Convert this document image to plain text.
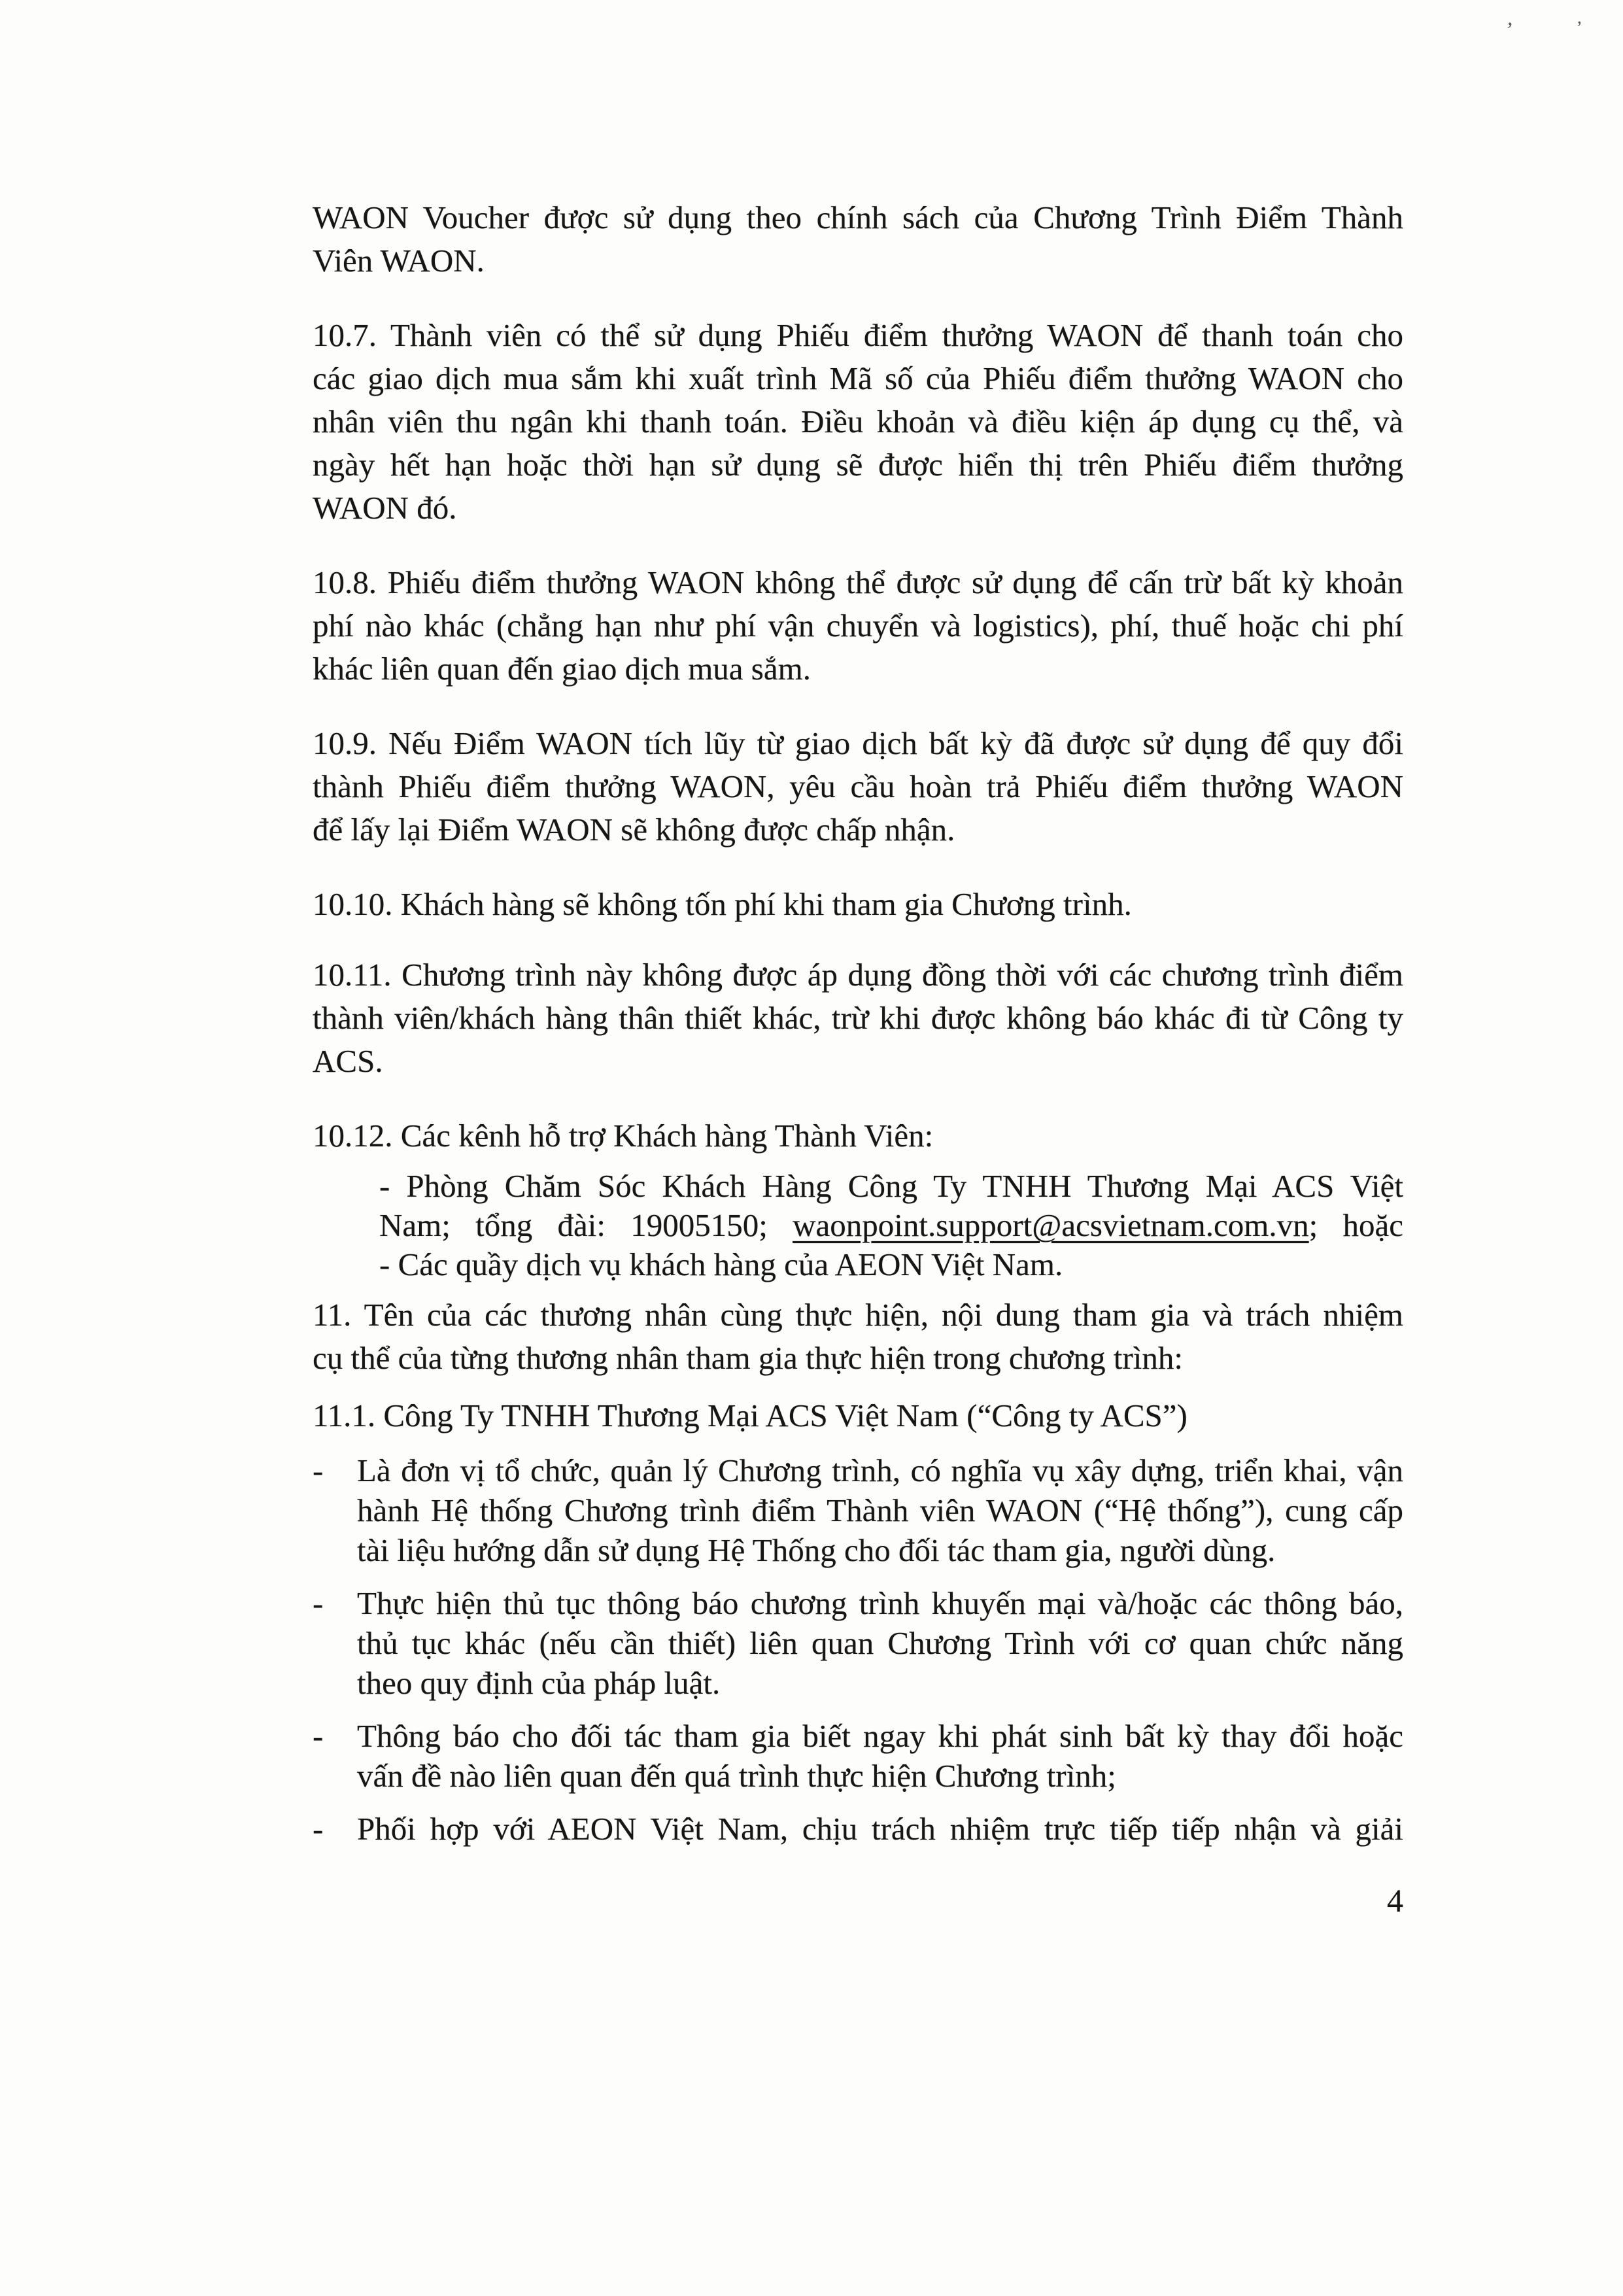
’	’
WAON Voucher được sử dụng theo chính sách của Chương Trình Điểm Thành
Viên WAON.
10.7. Thành viên có thể sử dụng Phiếu điểm thưởng WAON để thanh toán cho
các giao dịch mua sắm khi xuất trình Mã số của Phiếu điểm thưởng WAON cho
nhân viên thu ngân khi thanh toán. Điều khoản và điều kiện áp dụng cụ thể, và
ngày hết hạn hoặc thời hạn sử dụng sẽ được hiển thị trên Phiếu điểm thưởng
WAON đó.
10.8. Phiếu điểm thưởng WAON không thể được sử dụng để cấn trừ bất kỳ khoản
phí nào khác (chẳng hạn như phí vận chuyển và logistics), phí, thuế hoặc chi phí
khác liên quan đến giao dịch mua sắm.
10.9. Nếu Điểm WAON tích lũy từ giao dịch bất kỳ đã được sử dụng để quy đổi
thành Phiếu điểm thưởng WAON, yêu cầu hoàn trả Phiếu điểm thưởng WAON
để lấy lại Điểm WAON sẽ không được chấp nhận.
10.10. Khách hàng sẽ không tốn phí khi tham gia Chương trình.
10.11. Chương trình này không được áp dụng đồng thời với các chương trình điểm
thành viên/khách hàng thân thiết khác, trừ khi được không báo khác đi từ Công ty
ACS.
10.12. Các kênh hỗ trợ Khách hàng Thành Viên:
- Phòng Chăm Sóc Khách Hàng Công Ty TNHH Thương Mại ACS Việt
Nam; tổng đài: 19005150; waonpoint.support@acsvietnam.com.vn; hoặc
- Các quầy dịch vụ khách hàng của AEON Việt Nam.
11. Tên của các thương nhân cùng thực hiện, nội dung tham gia và trách nhiệm
cụ thể của từng thương nhân tham gia thực hiện trong chương trình:
11.1. Công Ty TNHH Thương Mại ACS Việt Nam (“Công ty ACS”)
-	Là đơn vị tổ chức, quản lý Chương trình, có nghĩa vụ xây dựng, triển khai, vận
hành Hệ thống Chương trình điểm Thành viên WAON (“Hệ thống”), cung cấp
tài liệu hướng dẫn sử dụng Hệ Thống cho đối tác tham gia, người dùng.
-	Thực hiện thủ tục thông báo chương trình khuyến mại và/hoặc các thông báo,
thủ tục khác (nếu cần thiết) liên quan Chương Trình với cơ quan chức năng
theo quy định của pháp luật.
-	Thông báo cho đối tác tham gia biết ngay khi phát sinh bất kỳ thay đổi hoặc
vấn đề nào liên quan đến quá trình thực hiện Chương trình;
-	Phối hợp với AEON Việt Nam, chịu trách nhiệm trực tiếp tiếp nhận và giải
4
